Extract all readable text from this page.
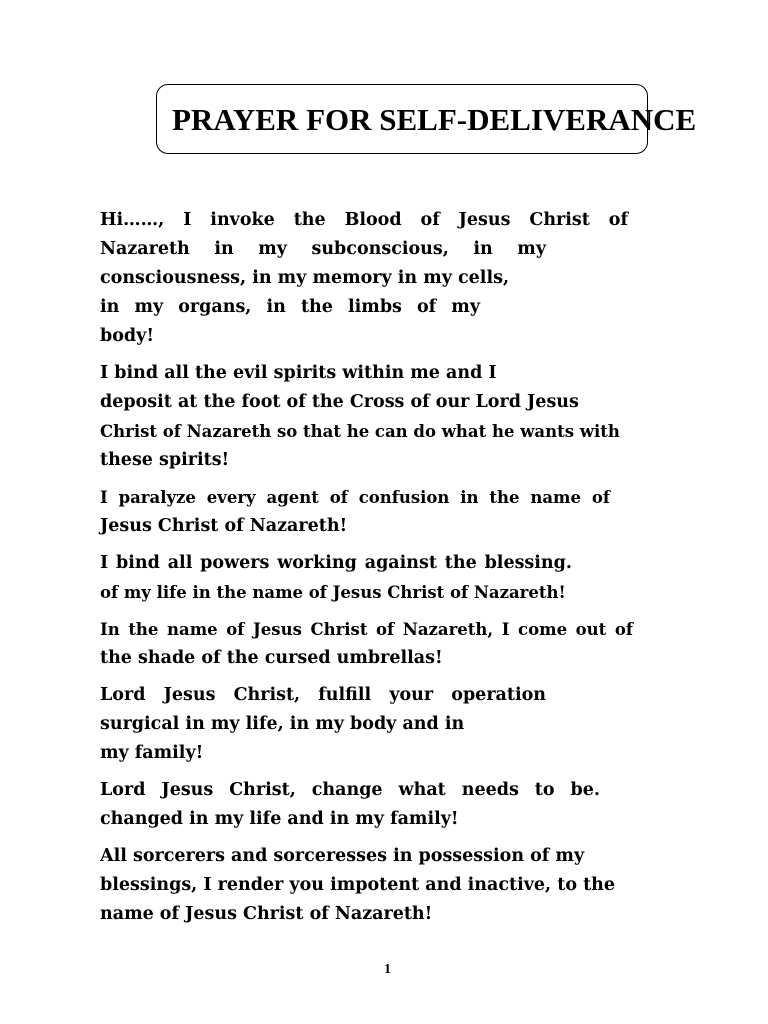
PRAYER FOR SELF-DELIVERANCE
Hi……, I invoke the Blood of Jesus Christ of
Nazareth in my subconscious, in my
consciousness, in my memory in my cells,
in my organs, in the limbs of my
body!
I bind all the evil spirits within me and I
deposit at the foot of the Cross of our Lord Jesus
Christ of Nazareth so that he can do what he wants with
these spirits!
I paralyze every agent of confusion in the name of
Jesus Christ of Nazareth!
I bind all powers working against the blessing.
of my life in the name of Jesus Christ of Nazareth!
In the name of Jesus Christ of Nazareth, I come out of
the shade of the cursed umbrellas!
Lord Jesus Christ, fulfill your operation
surgical in my life, in my body and in
my family!
Lord Jesus Christ, change what needs to be.
changed in my life and in my family!
All sorcerers and sorceresses in possession of my
blessings, I render you impotent and inactive, to the
name of Jesus Christ of Nazareth!
1
